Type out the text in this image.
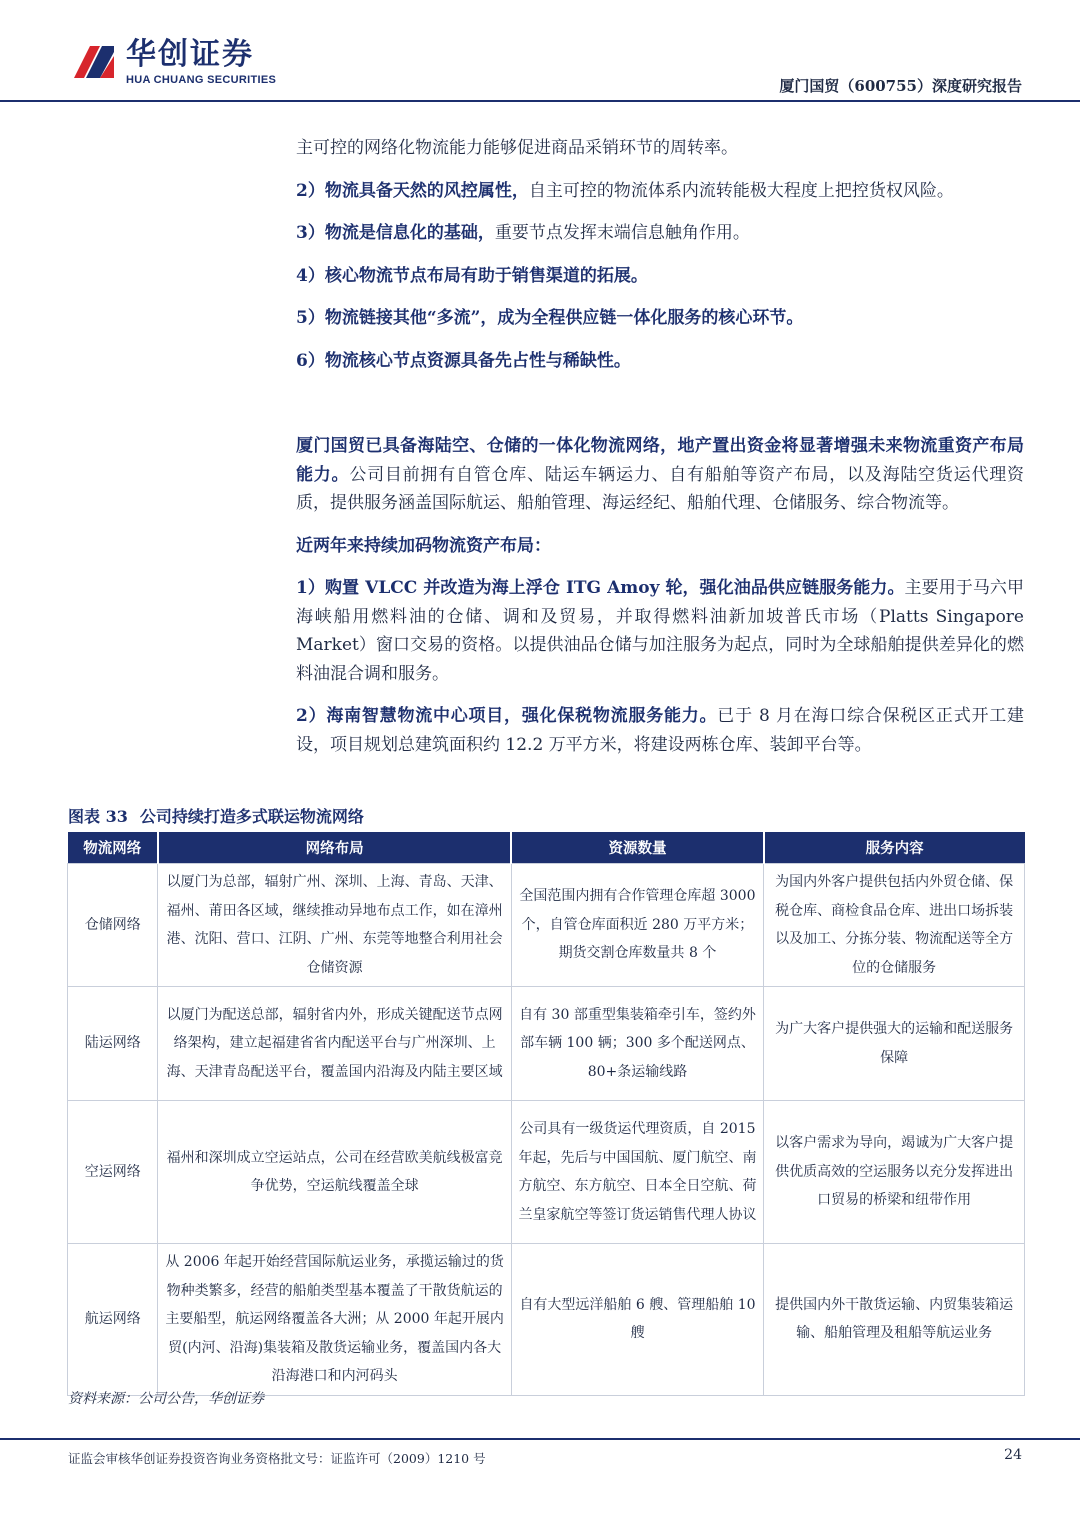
华创证券
HUA CHUANG SECURITIES	厦门国贸（600755）深度研究报告

主可控的网络化物流能力能够促进商品采销环节的周转率。

2）物流具备天然的风控属性，自主可控的物流体系内流转能极大程度上把控货权风险。

3）物流是信息化的基础，重要节点发挥末端信息触角作用。

4）核心物流节点布局有助于销售渠道的拓展。

5）物流链接其他“多流”，成为全程供应链一体化服务的核心环节。

6）物流核心节点资源具备先占性与稀缺性。

厦门国贸已具备海陆空、仓储的一体化物流网络，地产置出资金将显著增强未来物流重资产布局能力。公司目前拥有自管仓库、陆运车辆运力、自有船舶等资产布局，以及海陆空货运代理资质，提供服务涵盖国际航运、船舶管理、海运经纪、船舶代理、仓储服务、综合物流等。

近两年来持续加码物流资产布局：

1）购置 VLCC 并改造为海上浮仓 ITG Amoy 轮，强化油品供应链服务能力。主要用于马六甲海峡船用燃料油的仓储、调和及贸易，并取得燃料油新加坡普氏市场（Platts Singapore Market）窗口交易的资格。以提供油品仓储与加注服务为起点，同时为全球船舶提供差异化的燃料油混合调和服务。

2）海南智慧物流中心项目，强化保税物流服务能力。已于 8 月在海口综合保税区正式开工建设，项目规划总建筑面积约 12.2 万平方米，将建设两栋仓库、装卸平台等。

图表 33 公司持续打造多式联运物流网络
物流网络	网络布局	资源数量	服务内容
仓储网络	以厦门为总部，辐射广州、深圳、上海、青岛、天津、福州、莆田各区域，继续推动异地布点工作，如在漳州港、沈阳、营口、江阴、广州、东莞等地整合利用社会仓储资源	全国范围内拥有合作管理仓库超 3000 个，自管仓库面积近 280 万平方米；期货交割仓库数量共 8 个	为国内外客户提供包括内外贸仓储、保税仓库、商检食品仓库、进出口场拆装以及加工、分拣分装、物流配送等全方位的仓储服务
陆运网络	以厦门为配送总部，辐射省内外，形成关键配送节点网络架构，建立起福建省省内配送平台与广州深圳、上海、天津青岛配送平台，覆盖国内沿海及内陆主要区域	自有 30 部重型集装箱牵引车，签约外部车辆 100 辆；300 多个配送网点、80+条运输线路	为广大客户提供强大的运输和配送服务保障
空运网络	福州和深圳成立空运站点，公司在经营欧美航线极富竞争优势，空运航线覆盖全球	公司具有一级货运代理资质，自 2015 年起，先后与中国国航、厦门航空、南方航空、东方航空、日本全日空航、荷兰皇家航空等签订货运销售代理人协议	以客户需求为导向，竭诚为广大客户提供优质高效的空运服务以充分发挥进出口贸易的桥梁和纽带作用
航运网络	从 2006 年起开始经营国际航运业务，承揽运输过的货物种类繁多，经营的船舶类型基本覆盖了干散货航运的主要船型，航运网络覆盖各大洲；从 2000 年起开展内贸(内河、沿海)集装箱及散货运输业务，覆盖国内各大沿海港口和内河码头	自有大型远洋船舶 6 艘、管理船舶 10 艘	提供国内外干散货运输、内贸集装箱运输、船舶管理及租船等航运业务
资料来源：公司公告，华创证券
证监会审核华创证券投资咨询业务资格批文号：证监许可（2009）1210 号	24
